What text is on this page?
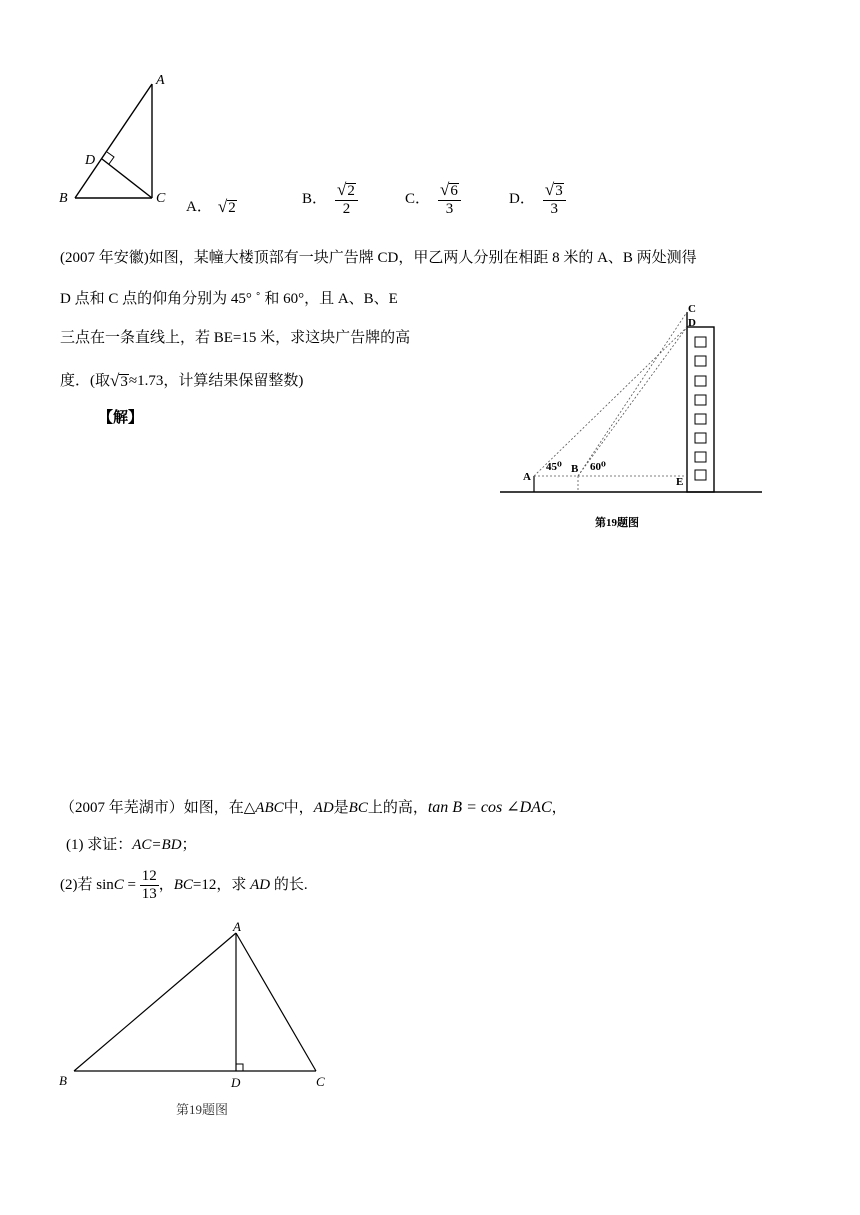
A
B	C
D
A． √ 2
B． $\frac{√ 2}{2}$	C． $\frac{√ 6}{3}$	D． $\frac{√ 3}{3}$
(2007 年安徽)如图，某幢大楼顶部有一块广告牌 CD，甲乙两人分别在相距 8 米的 A、B 两处测得
D 点和 C 点的仰角分别为 45° ˚ 和 60°，且 A、B、E
三点在一条直线上，若 BE=15 米，求这块广告牌的高
度．(取 √ 3 ≈1.73，计算结果保留整数)
【解】
C
D
A
B
E
45⁰	60⁰
第19题图
（2007 年芜湖市）如图，在△ ABC 中， AD 是 BC 上的高， tan B = cos ∠DAC ，
(1) 求证： AC=BD ；
(2)若 $\sin C = \frac{12}{13}$ ， BC =12，求 AD 的长.
A
B	C
D
第19题图
